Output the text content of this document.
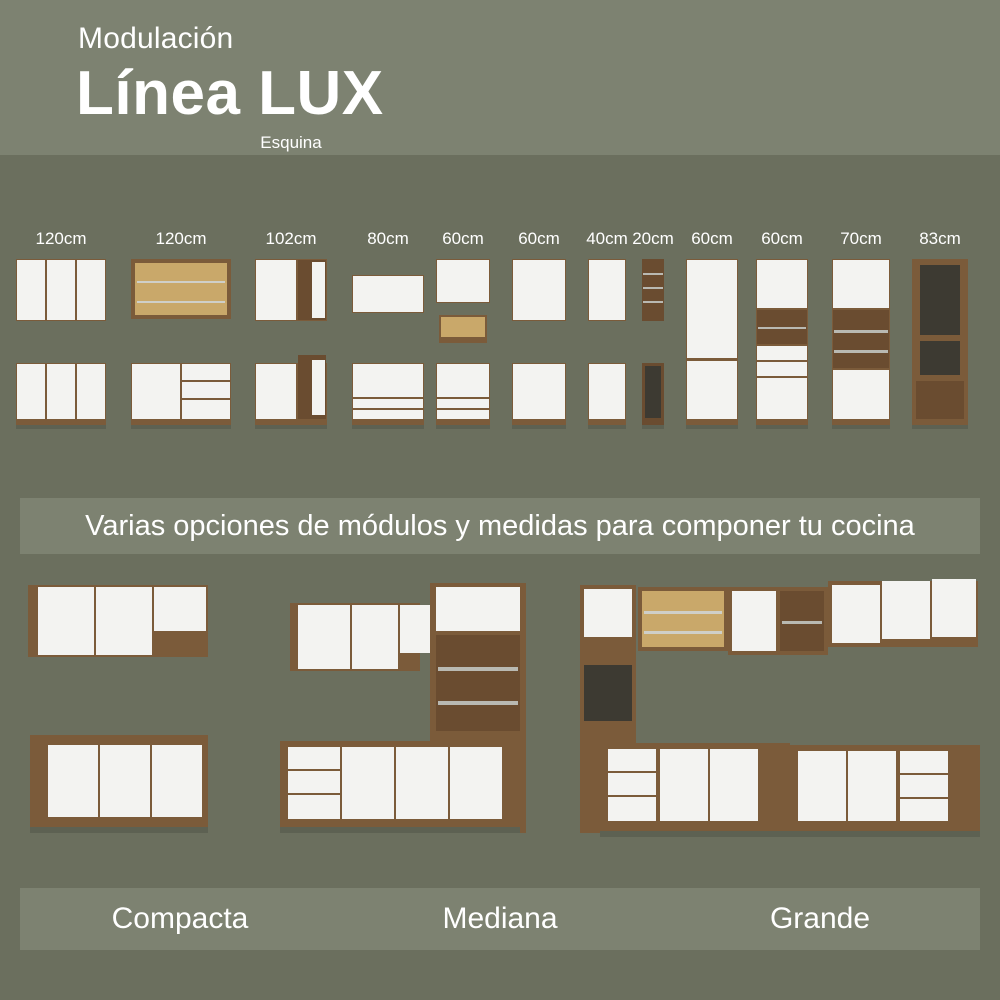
Modulación
Línea LUX
120cm	120cm
Esquina
102cm	80cm 60cm 60cm 40cm 20cm 60cm 60cm 70cm 83cm
Varias opciones de módulos y medidas para componer tu cocina
Compacta	Mediana	Grande
